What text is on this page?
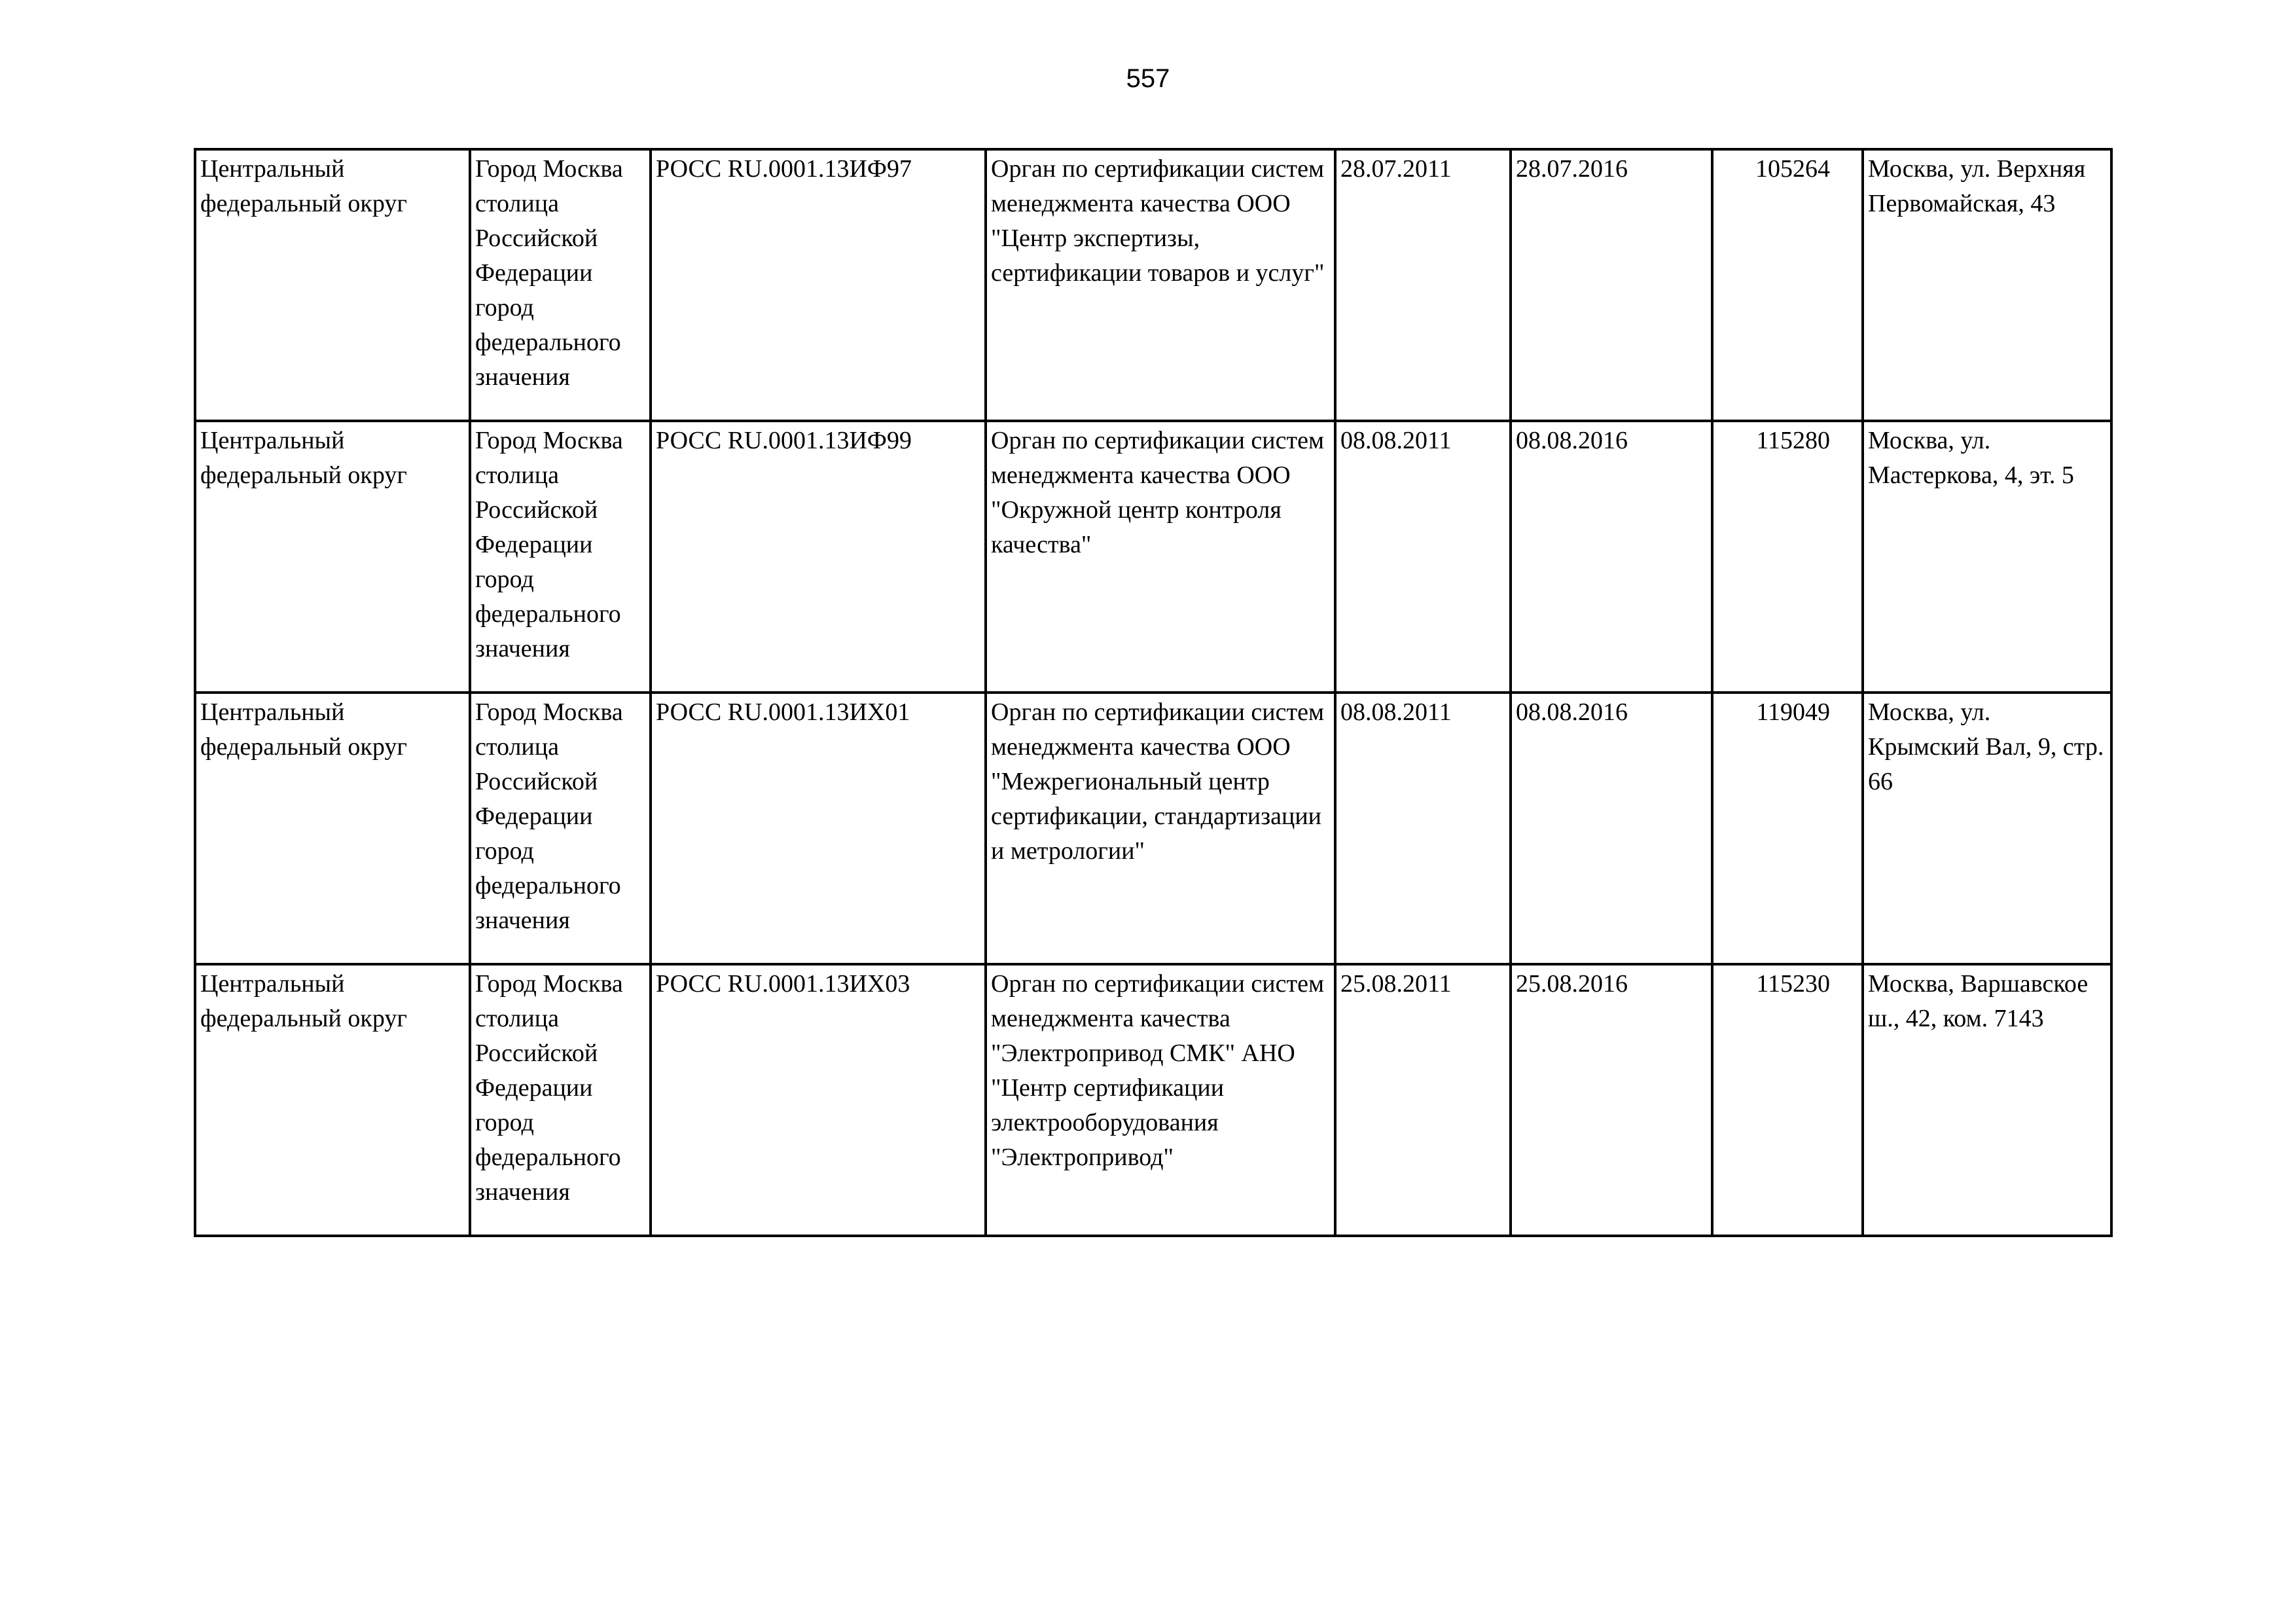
557
Центральный федеральный округ	Город Москва столица Российской Федерации город федерального значения	РОСС RU.0001.13ИФ97	Орган по сертификации систем менеджмента качества ООО "Центр экспертизы, сертификации товаров и услуг"	28.07.2011	28.07.2016	105264	Москва, ул. Верхняя Первомайская, 43

Центральный федеральный округ	Город Москва столица Российской Федерации город федерального значения	РОСС RU.0001.13ИФ99	Орган по сертификации систем менеджмента качества ООО "Окружной центр контроля качества"	08.08.2011	08.08.2016	115280	Москва, ул. Мастеркова, 4, эт. 5

Центральный федеральный округ	Город Москва столица Российской Федерации город федерального значения	РОСС RU.0001.13ИХ01	Орган по сертификации систем менеджмента качества ООО "Межрегиональный центр сертификации, стандартизации и метрологии"	08.08.2011	08.08.2016	119049	Москва, ул. Крымский Вал, 9, стр. 66

Центральный федеральный округ	Город Москва столица Российской Федерации город федерального значения	РОСС RU.0001.13ИХ03	Орган по сертификации систем менеджмента качества "Электропривод СМК" АНО "Центр сертификации электрооборудования "Электропривод"	25.08.2011	25.08.2016	115230	Москва, Варшавское ш., 42, ком. 7143
